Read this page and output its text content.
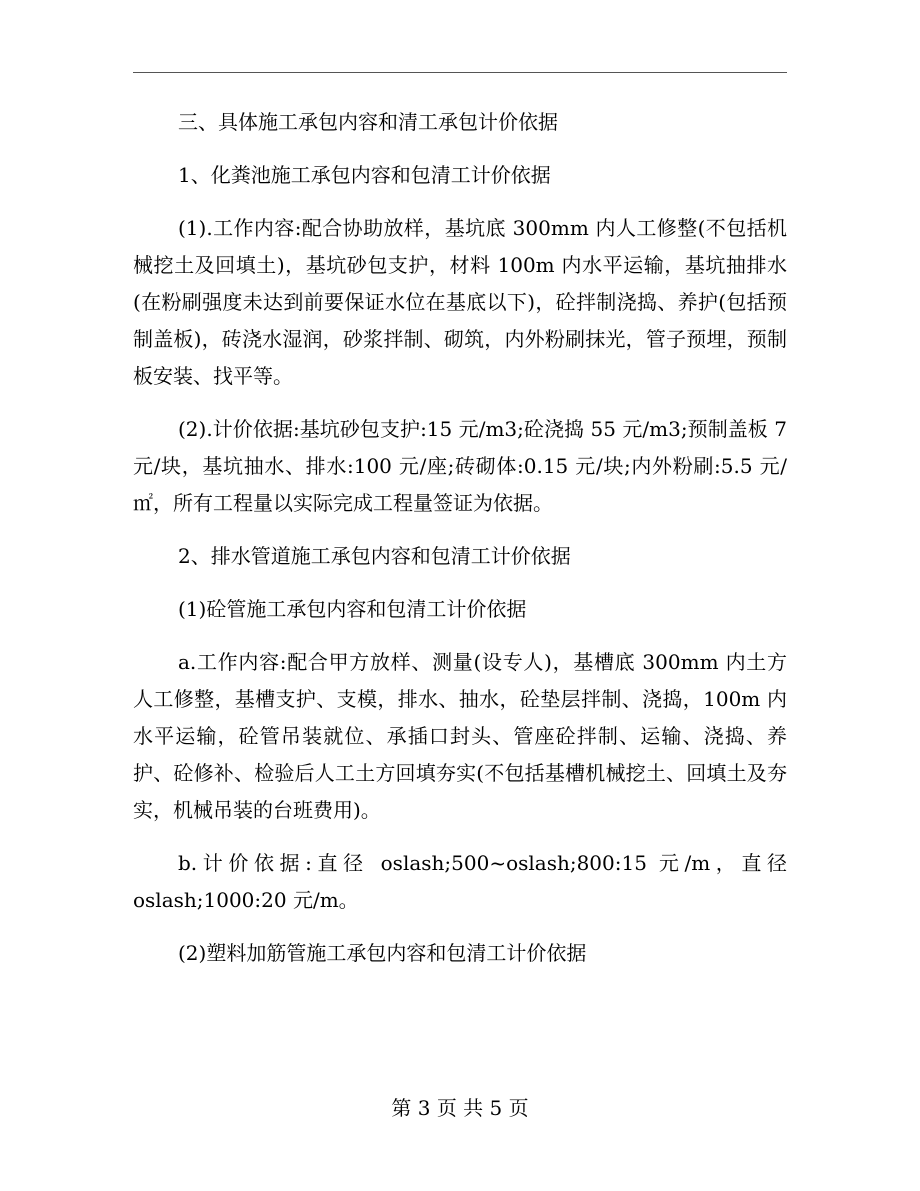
三、具体施工承包内容和清工承包计价依据

1、化粪池施工承包内容和包清工计价依据

(1).工作内容:配合协助放样，基坑底 300mm 内人工修整(不包括机械挖土及回填土)，基坑砂包支护，材料 100m 内水平运输，基坑抽排水(在粉刷强度未达到前要保证水位在基底以下)，砼拌制浇捣、养护(包括预制盖板)，砖浇水湿润，砂浆拌制、砌筑，内外粉刷抹光，管子预埋，预制板安装、找平等。

(2).计价依据:基坑砂包支护:15 元/m3;砼浇捣 55 元/m3;预制盖板 7 元/块，基坑抽水、排水:100 元/座;砖砌体:0.15 元/块;内外粉刷:5.5 元/㎡，所有工程量以实际完成工程量签证为依据。

2、排水管道施工承包内容和包清工计价依据

(1)砼管施工承包内容和包清工计价依据

a.工作内容:配合甲方放样、测量(设专人)，基槽底 300mm 内土方人工修整，基槽支护、支模，排水、抽水，砼垫层拌制、浇捣，100m 内水平运输，砼管吊装就位、承插口封头、管座砼拌制、运输、浇捣、养护、砼修补、检验后人工土方回填夯实(不包括基槽机械挖土、回填土及夯实，机械吊装的台班费用)。

b.计价依据:直径 oslash;500~oslash;800:15 元/m，直径 oslash;1000:20 元/m。

(2)塑料加筋管施工承包内容和包清工计价依据

第 3 页 共 5 页
